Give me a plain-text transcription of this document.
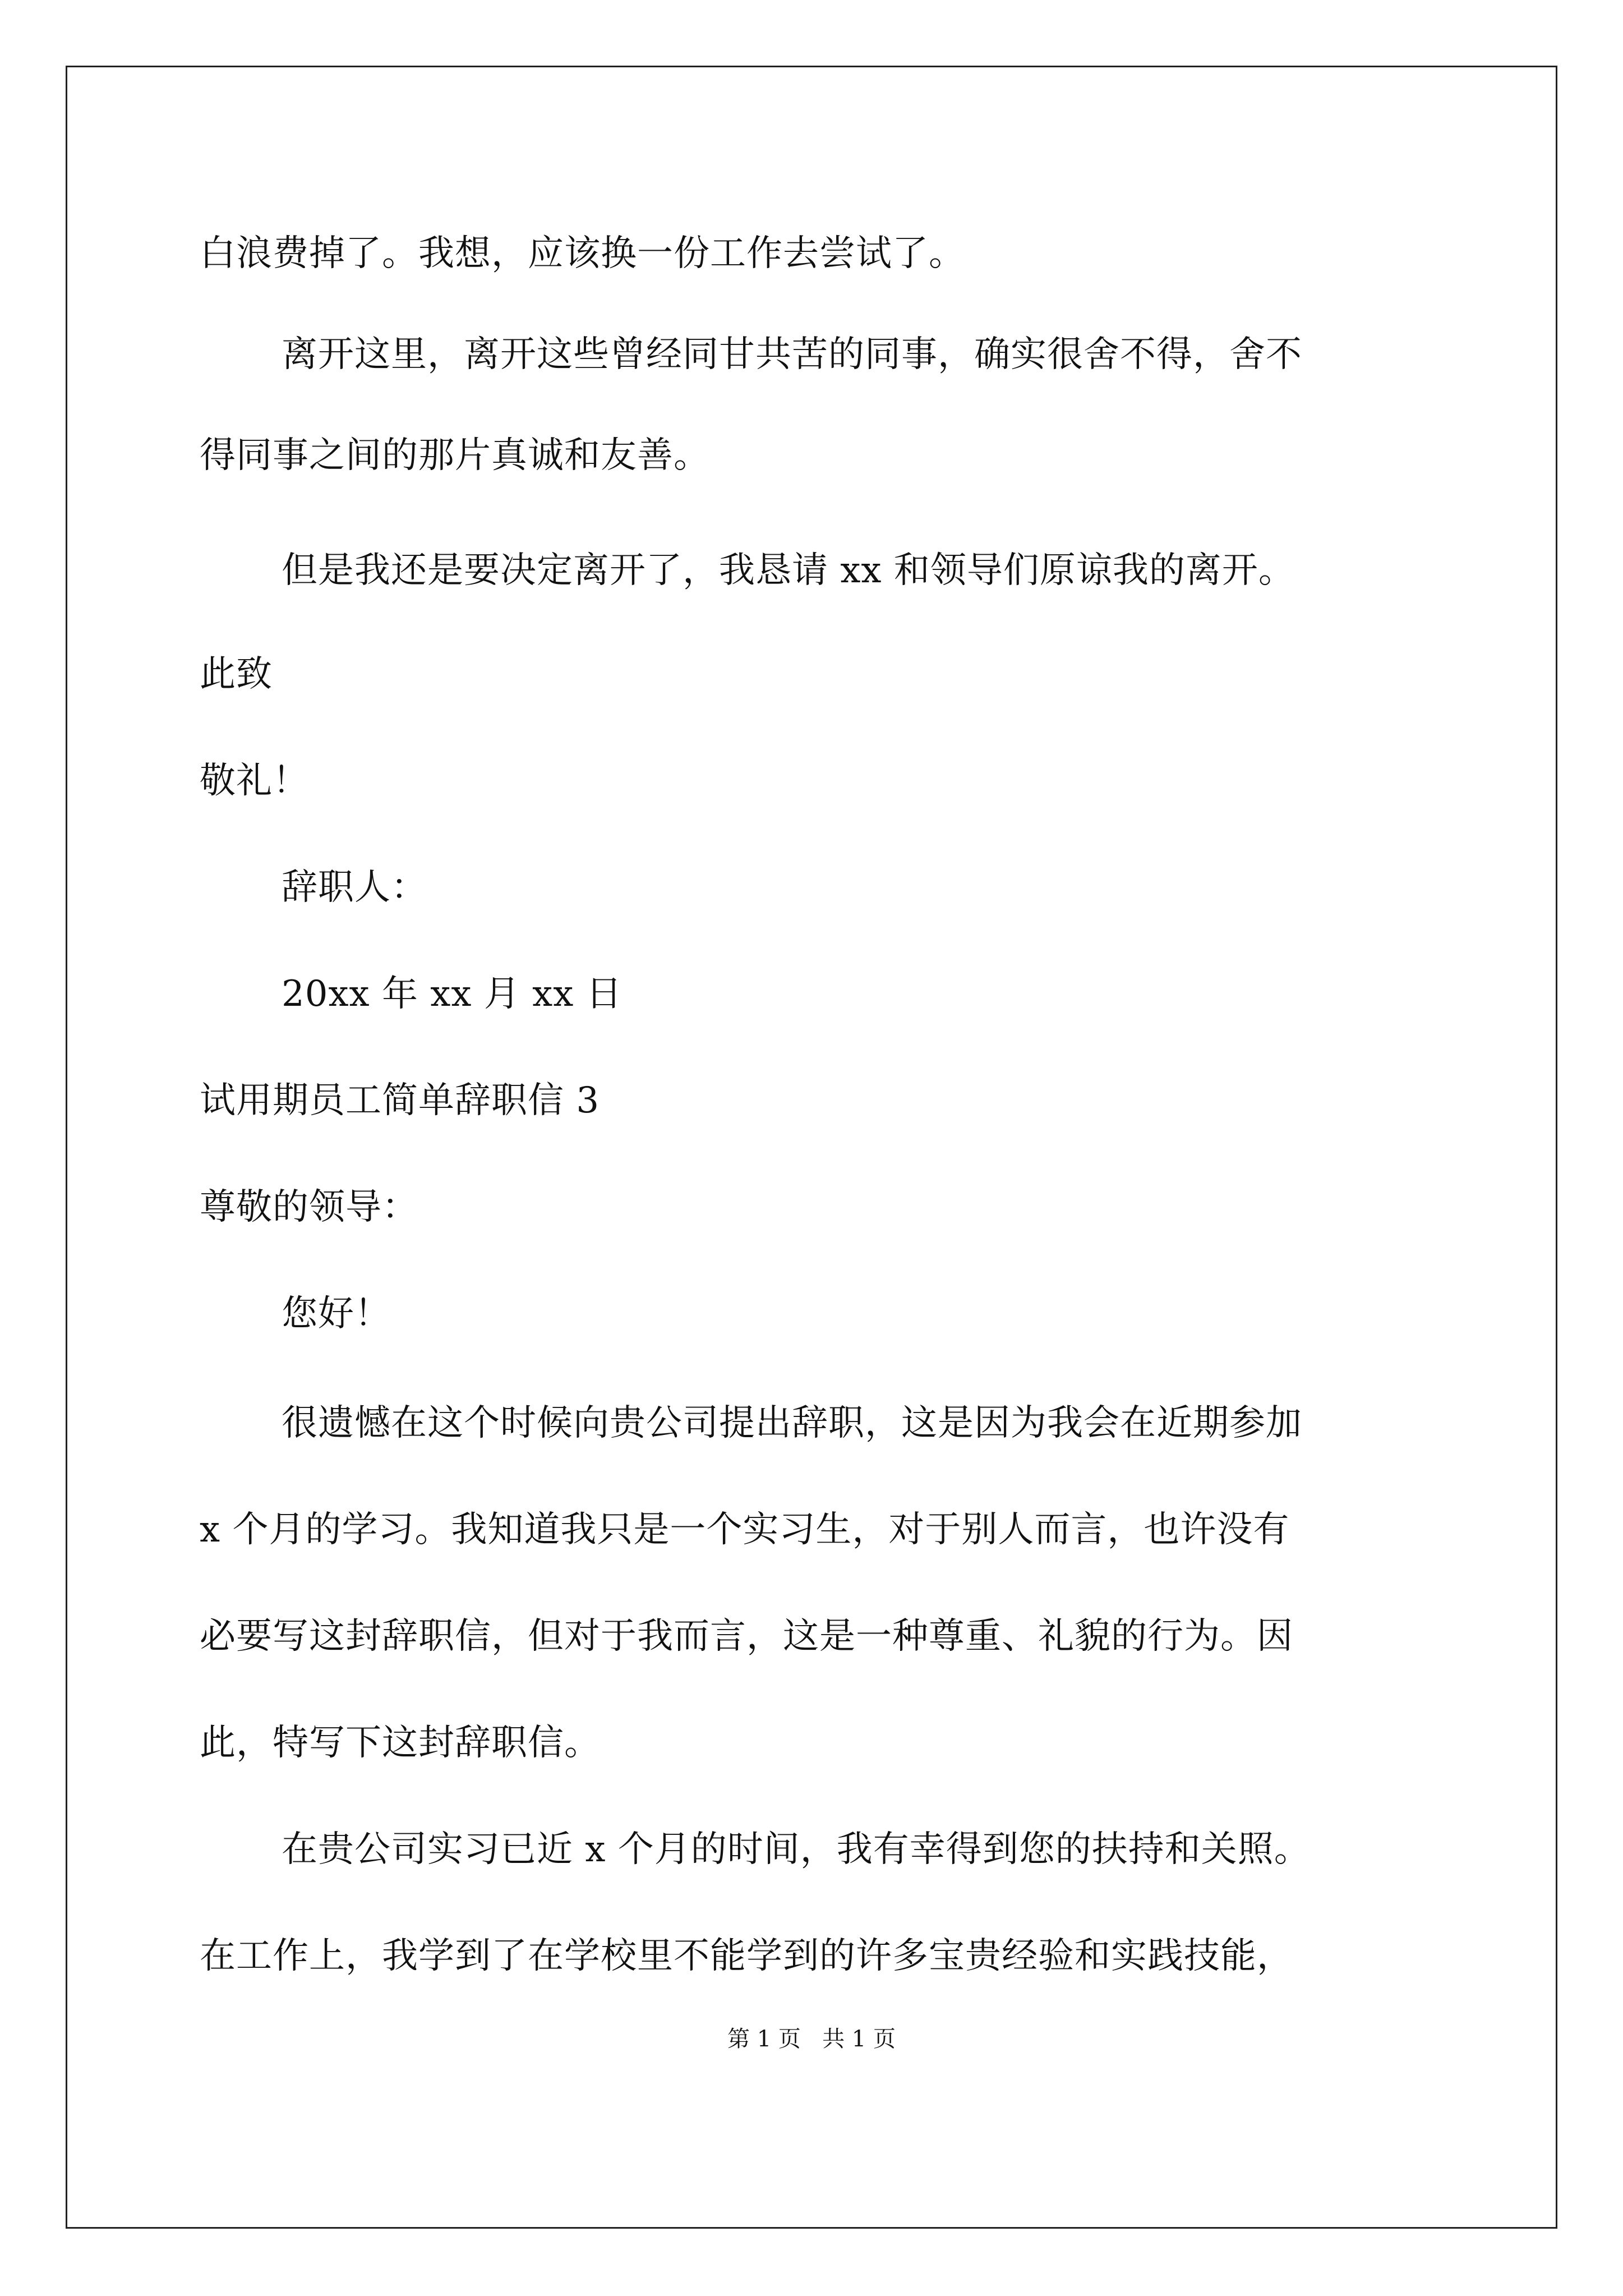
白浪费掉了。我想，应该换一份工作去尝试了。
离开这里，离开这些曾经同甘共苦的同事，确实很舍不得，舍不
得同事之间的那片真诚和友善。
但是我还是要决定离开了，我恳请 xx 和领导们原谅我的离开。
此致
敬礼！
辞职人：
20xx 年 xx 月 xx 日
试用期员工简单辞职信 3
尊敬的领导：
您好！
很遗憾在这个时候向贵公司提出辞职，这是因为我会在近期参加
x 个月的学习。我知道我只是一个实习生，对于别人而言，也许没有
必要写这封辞职信，但对于我而言，这是一种尊重、礼貌的行为。因
此，特写下这封辞职信。
在贵公司实习已近 x 个月的时间，我有幸得到您的扶持和关照。
在工作上，我学到了在学校里不能学到的许多宝贵经验和实践技能，
第 1 页   共 1 页
